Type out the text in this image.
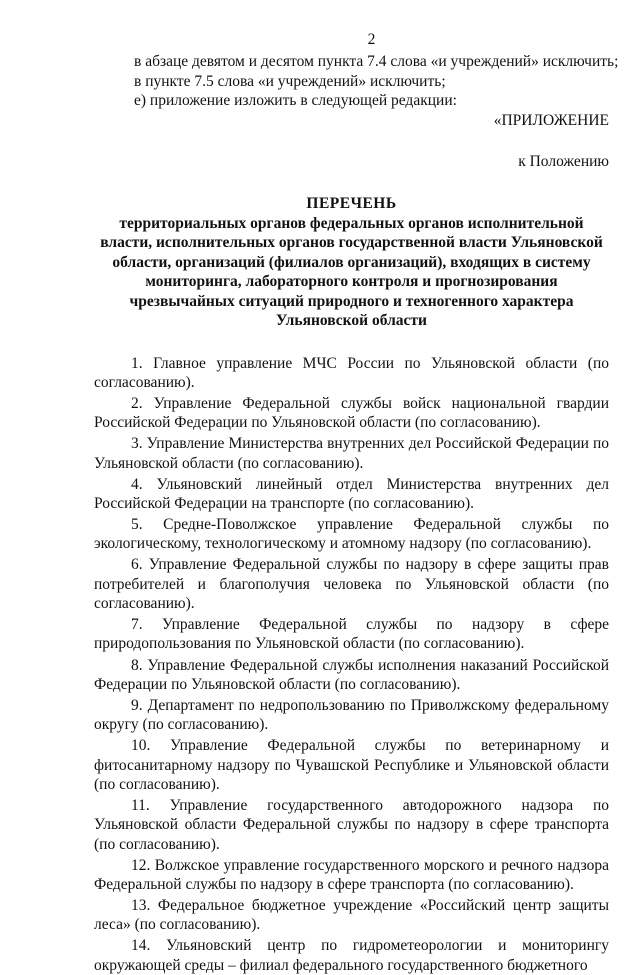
2

в абзаце девятом и десятом пункта 7.4 слова «и учреждений» исключить;

в пункте 7.5 слова «и учреждений» исключить;

е) приложение изложить в следующей редакции:

«ПРИЛОЖЕНИЕ
к Положению
ПЕРЕЧЕНЬ
территориальных органов федеральных органов исполнительной власти, исполнительных органов государственной власти Ульяновской области, организаций (филиалов организаций), входящих в систему мониторинга, лабораторного контроля и прогнозирования чрезвычайных ситуаций природного и техногенного характера Ульяновской области

1. Главное управление МЧС России по Ульяновской области (по согласованию).

2. Управление Федеральной службы войск национальной гвардии Российской Федерации по Ульяновской области (по согласованию).

3. Управление Министерства внутренних дел Российской Федерации по Ульяновской области (по согласованию).

4. Ульяновский линейный отдел Министерства внутренних дел Российской Федерации на транспорте (по согласованию).

5. Средне-Поволжское управление Федеральной службы по экологическому, технологическому и атомному надзору (по согласованию).

6. Управление Федеральной службы по надзору в сфере защиты прав потребителей и благополучия человека по Ульяновской области (по согласованию).

7. Управление Федеральной службы по надзору в сфере природопользования по Ульяновской области (по согласованию).

8. Управление Федеральной службы исполнения наказаний Российской Федерации по Ульяновской области (по согласованию).

9. Департамент по недропользованию по Приволжскому федеральному округу (по согласованию).

10. Управление Федеральной службы по ветеринарному и фитосанитарному надзору по Чувашской Республике и Ульяновской области (по согласованию).

11. Управление государственного автодорожного надзора по Ульяновской области Федеральной службы по надзору в сфере транспорта (по согласованию).

12. Волжское управление государственного морского и речного надзора Федеральной службы по надзору в сфере транспорта (по согласованию).

13. Федеральное бюджетное учреждение «Российский центр защиты леса» (по согласованию).

14. Ульяновский центр по гидрометеорологии и мониторингу окружающей среды – филиал федерального государственного бюджетного
